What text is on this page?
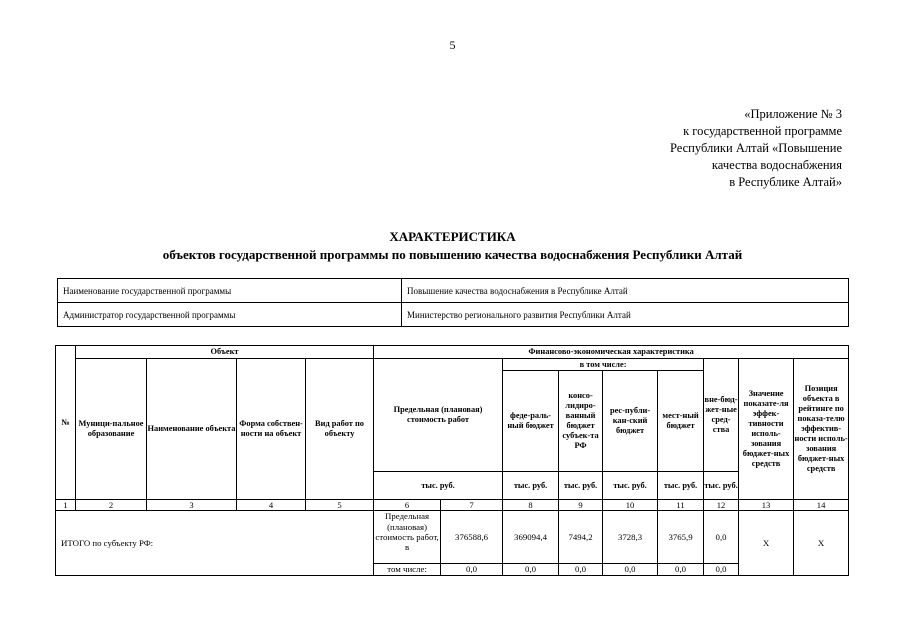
5
«Приложение № 3
к государственной программе
Республики Алтай «Повышение
качества водоснабжения
в Республике Алтай»
ХАРАКТЕРИСТИКА
объектов государственной программы по повышению качества водоснабжения Республики Алтай
Наименование государственной программы	Повышение качества водоснабжения в Республике Алтай
Администратор государственной программы	Министерство регионального развития Республики Алтай
№	Объект				Финансово-экономическая характеристика								
	Муници-пальное образование	Наименование объекта	Форма собствен-ности на объект	Вид работ по объекту	Предельная (плановая) стоимость работ		в том числе:				вне-бюд-жет-ные сред-ства	Значение показате-ля эффек-тивности исполь-зования бюджет-ных средств	Позиция объекта в рейтинге по показа-телю эффектив-ности исполь-зования бюджет-ных средств
							феде-раль-ный бюджет	консо-лидиро-ванный бюджет субъек-та РФ	рес-публи-кан-ский бюджет	мест-ный бюджет			
					тыс. руб.		тыс. руб.	тыс. руб.	тыс. руб.	тыс. руб.	тыс. руб.		
1	2	3	4	5	6	7	8	9	10	11	12	13	14
ИТОГО по субъекту РФ:					Предельная (плановая) стоимость работ, в	376588,6	369094,4	7494,2	3728,3	3765,9	0,0	Х	Х
					том числе:	0,0	0,0	0,0	0,0	0,0	0,0		
